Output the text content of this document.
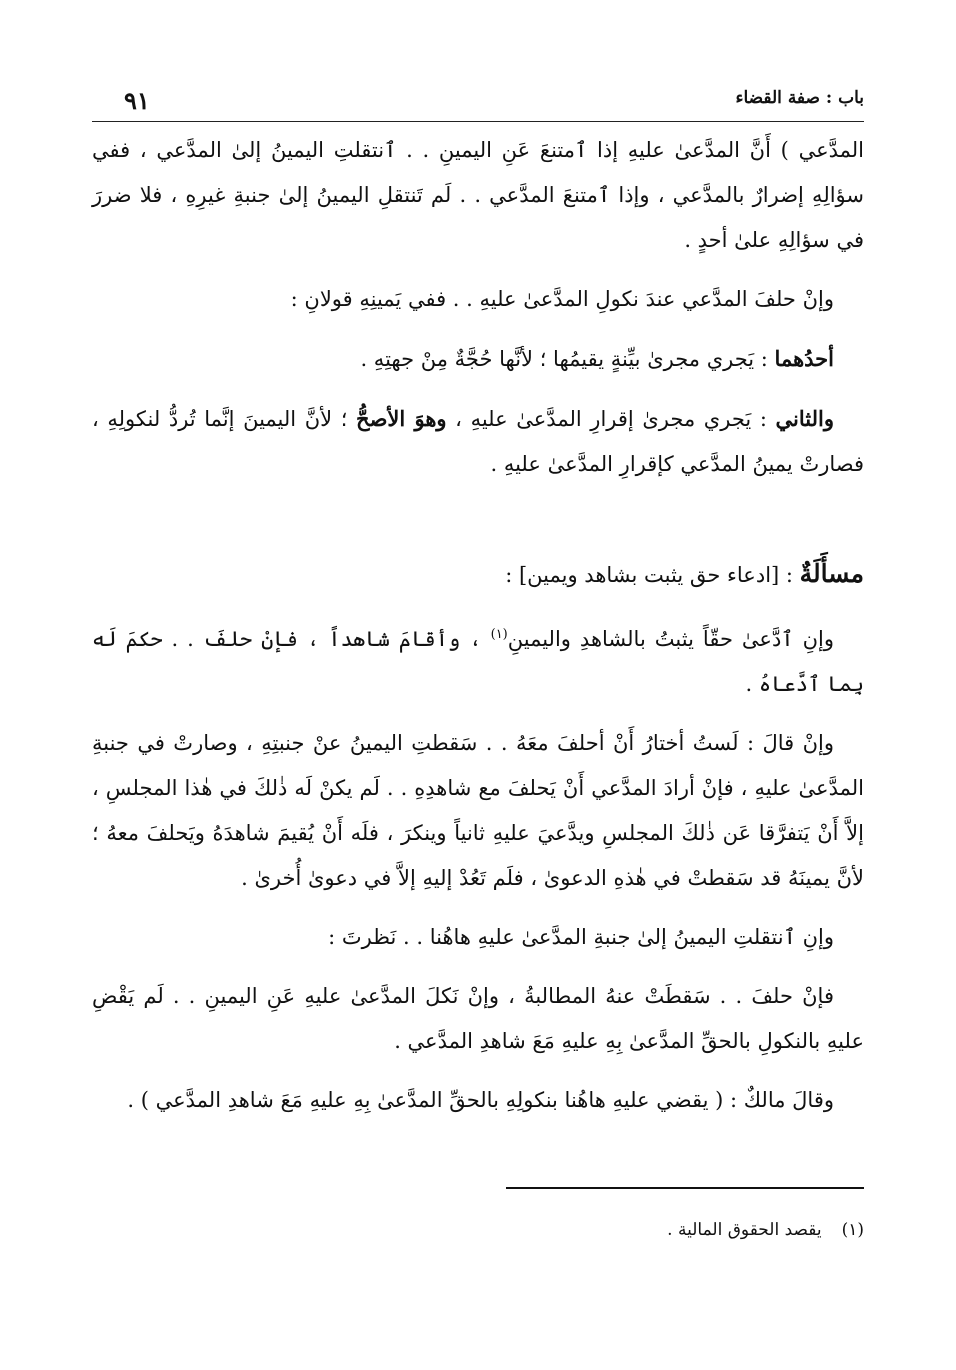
باب : صفة القضاء
٩١

المدَّعي ) أَنَّ المدَّعىٰ عليهِ إذا ٱمتنعَ عَنِ اليمينِ . . ٱنتقلتِ اليمينُ إلىٰ المدَّعي ، ففي سؤالِهِ إضرارٌ بالمدَّعي ، وإذا ٱمتنعَ المدَّعي . . لَم تَنتقلِ اليمينُ إلىٰ جنبةِ غيرِهِ ، فلا ضررَ في سؤالِهِ علىٰ أحدٍ .

وإنْ حلفَ المدَّعي عندَ نكولِ المدَّعىٰ عليهِ . . ففي يَمينِهِ قولانِ :

أحدُهما : يَجري مجرىٰ بيِّنةٍ يقيمُها ؛ لأنَّها حُجَّةٌ مِنْ جهتِهِ .

والثاني : يَجري مجرىٰ إقرارِ المدَّعىٰ عليهِ ، وهوَ الأصحُّ ؛ لأنَّ اليمينَ إنَّما تُردُّ لنكولِهِ ، فصارتْ يمينُ المدَّعي كإقرارِ المدَّعىٰ عليهِ .

مسأَلَةٌ : [ادعاء حق يثبت بشاهد ويمين] :

وإنِ ٱدَّعىٰ حقّاً يثبتُ بالشاهدِ واليمينِ$^{(١)}$ ، وأقامَ شاهداً ، فإنْ حلفَ . . حكمَ لَه بِما ٱدَّعاهُ .

وإنْ قالَ : لَستُ أختارُ أَنْ أحلفَ معَهُ . . سَقطتِ اليمينُ عنْ جنبتِهِ ، وصارتْ في جنبةِ المدَّعىٰ عليهِ ، فإنْ أرادَ المدَّعي أَنْ يَحلفَ مع شاهدِهِ . . لَم يكنْ لَه ذٰلكَ في هٰذا المجلسِ ، إلاَّ أَنْ يَتفرَّقا عَن ذٰلكَ المجلسِ ويدَّعيَ عليهِ ثانياً وينكرَ ، فلَه أَنْ يُقيمَ شاهدَهُ ويَحلفَ معهُ ؛ لأنَّ يمينَهُ قد سَقطتْ في هٰذهِ الدعوىٰ ، فلَم تَعُدْ إليهِ إلاَّ في دعوىٰ أُخرىٰ .

وإنِ ٱنتقلتِ اليمينُ إلىٰ جنبةِ المدَّعىٰ عليهِ هاهُنا . . نَظرتَ :

فإنْ حلفَ . . سَقطَتْ عنهُ المطالبةُ ، وإنْ نَكلَ المدَّعىٰ عليهِ عَنِ اليمينِ . . لَم يَقْضِ عليهِ بالنكولِ بالحقِّ المدَّعىٰ بِهِ عليهِ مَعَ شاهدِ المدَّعي .

وقالَ مالكٌ : ( يقضي عليهِ هاهُنا بنكولِهِ بالحقِّ المدَّعىٰ بِهِ عليهِ مَعَ شاهدِ المدَّعي ) .

(١)يقصد الحقوق المالية .
